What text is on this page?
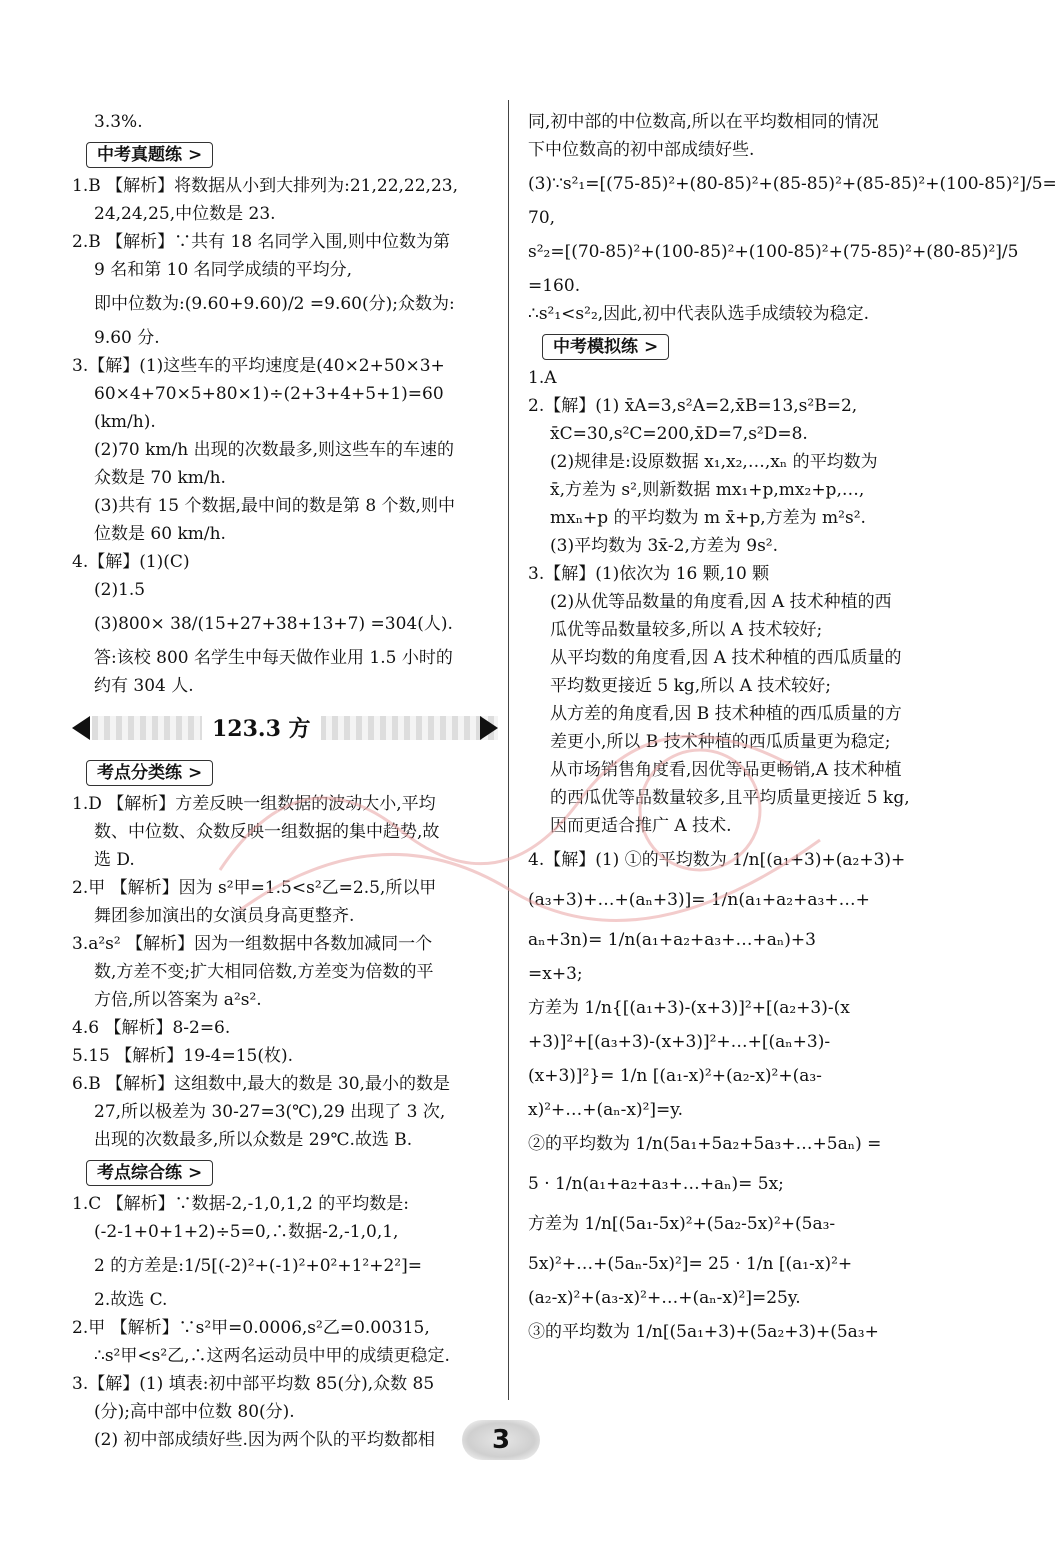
3.3%.
中考真题练 >
1.B 【解析】将数据从小到大排列为:21,22,22,23,
24,24,25,中位数是 23.
2.B 【解析】∵共有 18 名同学入围,则中位数为第
9 名和第 10 名同学成绩的平均分,
即中位数为:(9.60+9.60)/2 =9.60(分);众数为:
9.60 分.
3.【解】(1)这些车的平均速度是(40×2+50×3+
60×4+70×5+80×1)÷(2+3+4+5+1)=60
(km/h).
(2)70 km/h 出现的次数最多,则这些车的车速的
众数是 70 km/h.
(3)共有 15 个数据,最中间的数是第 8 个数,则中
位数是 60 km/h.
4.【解】(1)(C)
(2)1.5
(3)800× 38/(15+27+38+13+7) =304(人).
答:该校 800 名学生中每天做作业用 1.5 小时的
约有 304 人.
123.3 方
考点分类练 >
1.D 【解析】方差反映一组数据的波动大小,平均
数、中位数、众数反映一组数据的集中趋势,故
选 D.
2.甲 【解析】因为 s²甲=1.5<s²乙=2.5,所以甲
舞团参加演出的女演员身高更整齐.
3.a²s² 【解析】因为一组数据中各数加减同一个
数,方差不变;扩大相同倍数,方差变为倍数的平
方倍,所以答案为 a²s².
4.6 【解析】8-2=6.
5.15 【解析】19-4=15(枚).
6.B 【解析】这组数中,最大的数是 30,最小的数是
27,所以极差为 30-27=3(℃),29 出现了 3 次,
出现的次数最多,所以众数是 29℃.故选 B.
考点综合练 >
1.C 【解析】∵数据-2,-1,0,1,2 的平均数是:
(-2-1+0+1+2)÷5=0,∴数据-2,-1,0,1,
2 的方差是:1/5[(-2)²+(-1)²+0²+1²+2²]=
2.故选 C.
2.甲 【解析】∵s²甲=0.0006,s²乙=0.00315,
∴s²甲<s²乙,∴这两名运动员中甲的成绩更稳定.
3.【解】(1) 填表:初中部平均数 85(分),众数 85
(分);高中部中位数 80(分).
(2) 初中部成绩好些.因为两个队的平均数都相
同,初中部的中位数高,所以在平均数相同的情况
下中位数高的初中部成绩好些.
(3)∵s²₁=[(75-85)²+(80-85)²+(85-85)²+(85-85)²+(100-85)²]/5=
70,
s²₂=[(70-85)²+(100-85)²+(100-85)²+(75-85)²+(80-85)²]/5
=160.
∴s²₁<s²₂,因此,初中代表队选手成绩较为稳定.
中考模拟练 >
1.A
2.【解】(1) x̄A=3,s²A=2,x̄B=13,s²B=2,
x̄C=30,s²C=200,x̄D=7,s²D=8.
(2)规律是:设原数据 x₁,x₂,…,xₙ 的平均数为
x̄,方差为 s²,则新数据 mx₁+p,mx₂+p,…,
mxₙ+p 的平均数为 m x̄+p,方差为 m²s².
(3)平均数为 3x̄-2,方差为 9s².
3.【解】(1)依次为 16 颗,10 颗
(2)从优等品数量的角度看,因 A 技术种植的西
瓜优等品数量较多,所以 A 技术较好;
从平均数的角度看,因 A 技术种植的西瓜质量的
平均数更接近 5 kg,所以 A 技术较好;
从方差的角度看,因 B 技术种植的西瓜质量的方
差更小,所以 B 技术种植的西瓜质量更为稳定;
从市场销售角度看,因优等品更畅销,A 技术种植
的西瓜优等品数量较多,且平均质量更接近 5 kg,
因而更适合推广 A 技术.
4.【解】(1) ①的平均数为 1/n[(a₁+3)+(a₂+3)+
(a₃+3)+…+(aₙ+3)]= 1/n(a₁+a₂+a₃+…+
aₙ+3n)= 1/n(a₁+a₂+a₃+…+aₙ)+3
=x+3;
方差为 1/n{[(a₁+3)-(x+3)]²+[(a₂+3)-(x
+3)]²+[(a₃+3)-(x+3)]²+…+[(aₙ+3)-
(x+3)]²}= 1/n [(a₁-x)²+(a₂-x)²+(a₃-
x)²+…+(aₙ-x)²]=y.
②的平均数为 1/n(5a₁+5a₂+5a₃+…+5aₙ) =
5 · 1/n(a₁+a₂+a₃+…+aₙ)= 5x;
方差为 1/n[(5a₁-5x)²+(5a₂-5x)²+(5a₃-
5x)²+…+(5aₙ-5x)²]= 25 · 1/n [(a₁-x)²+
(a₂-x)²+(a₃-x)²+…+(aₙ-x)²]=25y.
③的平均数为 1/n[(5a₁+3)+(5a₂+3)+(5a₃+
3
